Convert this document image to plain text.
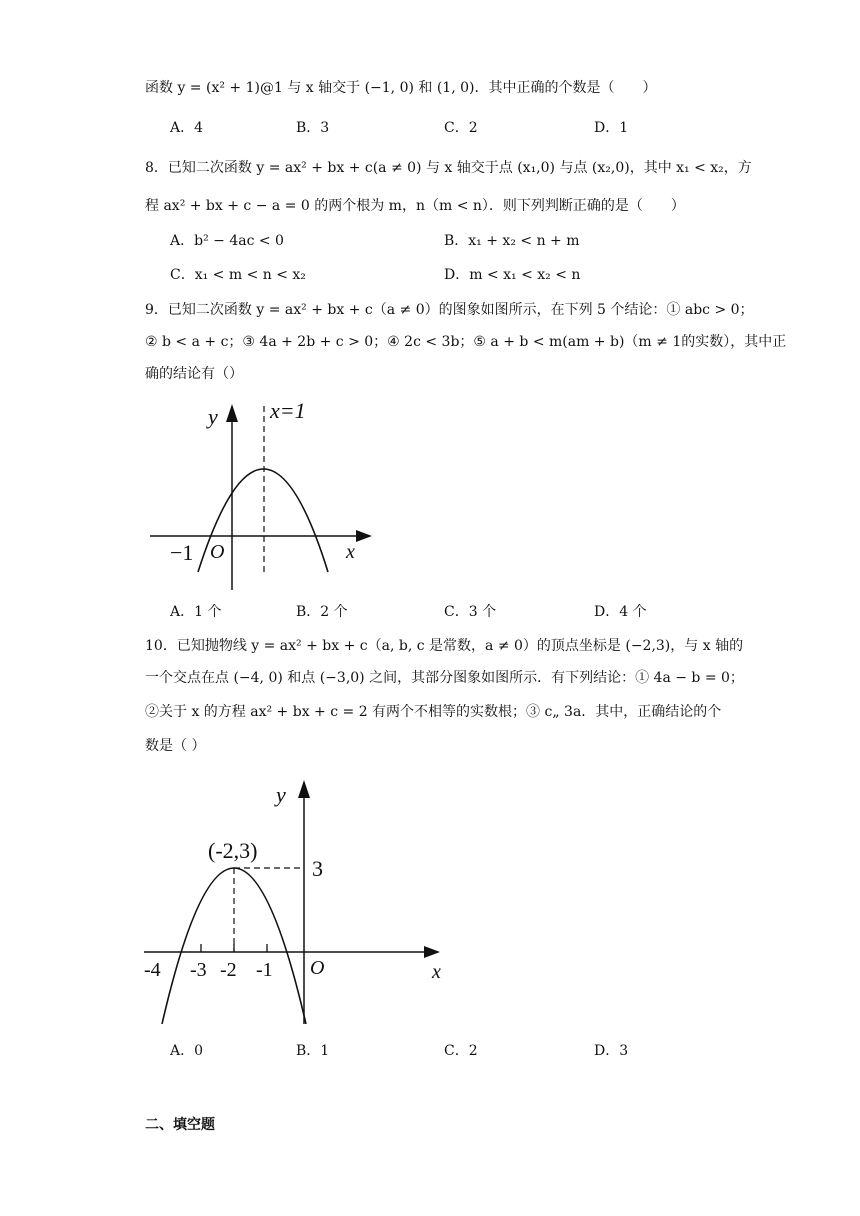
函数 y = (x² + 1)@1 与 x 轴交于 (−1, 0) 和 (1, 0)．其中正确的个数是（　　）
A．4	B．3	C．2	D．1
8．已知二次函数 y = ax² + bx + c(a ≠ 0) 与 x 轴交于点 (x₁,0) 与点 (x₂,0)，其中 x₁ < x₂，方
程 ax² + bx + c − a = 0 的两个根为 m，n（m < n）．则下列判断正确的是（　　）
A．b² − 4ac < 0	B．x₁ + x₂ < n + m
C．x₁ < m < n < x₂	D．m < x₁ < x₂ < n
9．已知二次函数 y = ax² + bx + c（a ≠ 0）的图象如图所示，在下列 5 个结论：① abc > 0；
② b < a + c；③ 4a + 2b + c > 0；④ 2c < 3b；⑤ a + b < m(am + b)（m ≠ 1的实数），其中正
确的结论有（）
y x=1
x
O
−1
A．1 个	B．2 个	C．3 个	D．4 个
10．已知抛物线 y = ax² + bx + c（a, b, c 是常数，a ≠ 0）的顶点坐标是 (−2,3)，与 x 轴的
一个交点在点 (−4, 0) 和点 (−3,0) 之间，其部分图象如图所示．有下列结论：① 4a − b = 0；
②关于 x 的方程 ax² + bx + c = 2 有两个不相等的实数根；③ c„ 3a．其中，正确结论的个
数是（ ）
y
(-2,3)
3
x
O
-4 -3 -2 -1
A．0	B．1	C．2	D．3
二、填空题
